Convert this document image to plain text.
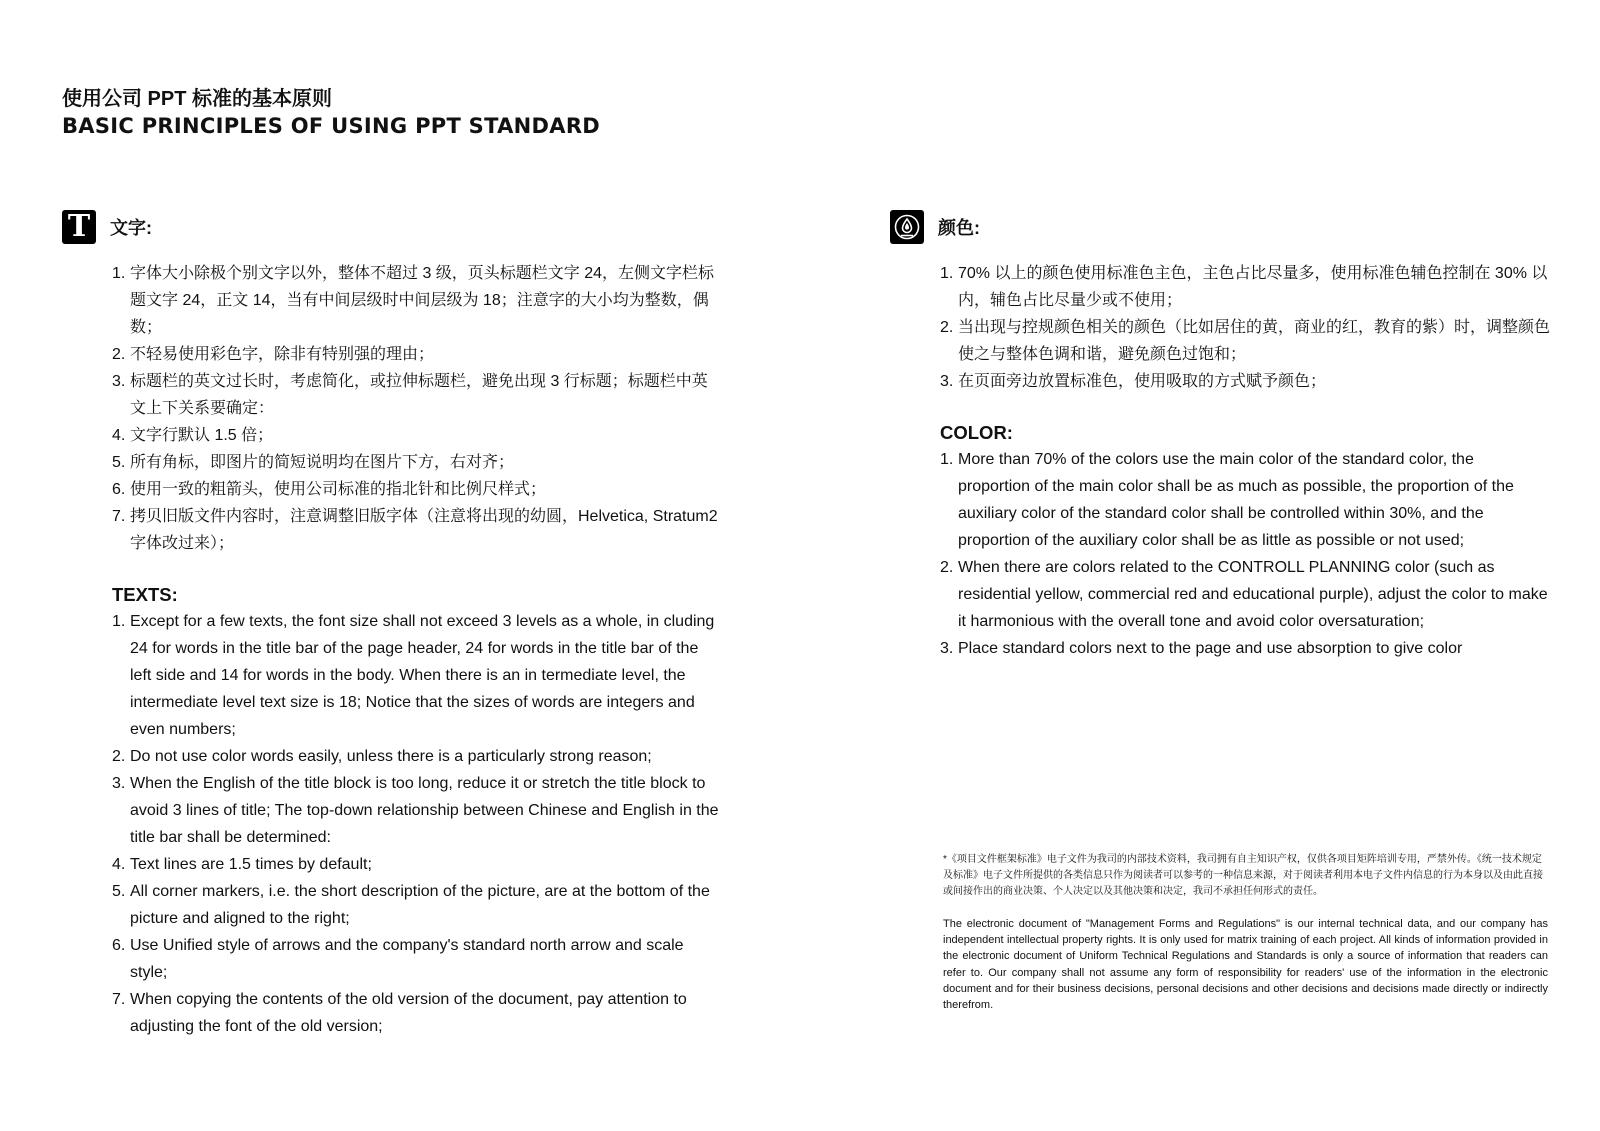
使用公司 PPT 标准的基本原则

BASIC PRINCIPLES OF USING PPT STANDARD

T	文字:
1. 字体大小除极个别文字以外，整体不超过 3 级，页头标题栏文字 24，左侧文字栏标题文字 24，正文 14，当有中间层级时中间层级为 18；注意字的大小均为整数，偶数；
2. 不轻易使用彩色字，除非有特别强的理由；
3. 标题栏的英文过长时，考虑简化，或拉伸标题栏，避免出现 3 行标题；标题栏中英文上下关系要确定：
4. 文字行默认 1.5 倍；
5. 所有角标，即图片的简短说明均在图片下方，右对齐；
6. 使用一致的粗箭头，使用公司标准的指北针和比例尺样式；
7. 拷贝旧版文件内容时，注意调整旧版字体（注意将出现的幼圆，Helvetica, Stratum2 字体改过来）；

TEXTS:

1. Except for a few texts, the font size shall not exceed 3 levels as a whole, in cluding 24 for words in the title bar of the page header, 24 for words in the title bar of the left side and 14 for words in the body. When there is an in termediate level, the intermediate level text size is 18; Notice that the sizes of words are integers and even numbers;
2. Do not use color words easily, unless there is a particularly strong reason;
3. When the English of the title block is too long, reduce it or stretch the title block to avoid 3 lines of title; The top-down relationship between Chinese and English in the title bar shall be determined:
4. Text lines are 1.5 times by default;
5. All corner markers, i.e. the short description of the picture, are at the bottom of the picture and aligned to the right;
6. Use Unified style of arrows and the company's standard north arrow and scale style;
7. When copying the contents of the old version of the document, pay attention to adjusting the font of the old version;
颜色:
1. 70% 以上的颜色使用标准色主色，主色占比尽量多，使用标准色辅色控制在 30% 以内，辅色占比尽量少或不使用；
2. 当出现与控规颜色相关的颜色（比如居住的黄，商业的红，教育的紫）时，调整颜色使之与整体色调和谐，避免颜色过饱和；
3. 在页面旁边放置标准色，使用吸取的方式赋予颜色；

COLOR:

1. More than 70% of the colors use the main color of the standard color, the proportion of the main color shall be as much as possible, the proportion of the auxiliary color of the standard color shall be controlled within 30%, and the proportion of the auxiliary color shall be as little as possible or not used;
2. When there are colors related to the CONTROLL PLANNING color (such as residential yellow, commercial red and educational purple), adjust the color to make it harmonious with the overall tone and avoid color oversaturation;
3. Place standard colors next to the page and use absorption to give color

*《项目文件框架标准》电子文件为我司的内部技术资料，我司拥有自主知识产权，仅供各项目矩阵培训专用，严禁外传。《统一技术规定及标准》电子文件所提供的各类信息只作为阅读者可以参考的一种信息来源，对于阅读者利用本电子文件内信息的行为本身以及由此直接或间接作出的商业决策、个人决定以及其他决策和决定，我司不承担任何形式的责任。

The electronic document of "Management Forms and Regulations" is our internal technical data, and our company has independent intellectual property rights. It is only used for matrix training of each project. All kinds of information provided in the electronic document of Uniform Technical Regulations and Standards is only a source of information that readers can refer to. Our company shall not assume any form of responsibility for readers' use of the information in the electronic document and for their business decisions, personal decisions and other decisions and decisions made directly or indirectly therefrom.
